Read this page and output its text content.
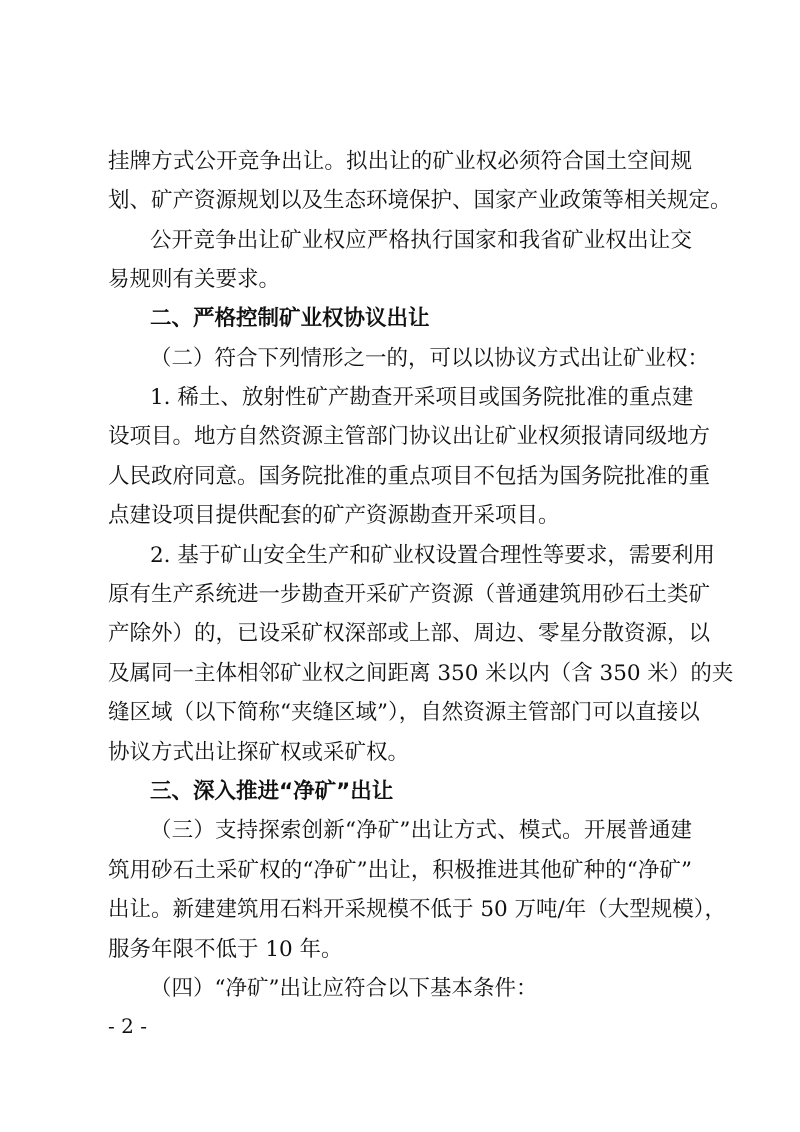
挂牌方式公开竞争出让。拟出让的矿业权必须符合国土空间规
划、矿产资源规划以及生态环境保护、国家产业政策等相关规定。
公开竞争出让矿业权应严格执行国家和我省矿业权出让交
易规则有关要求。
二、严格控制矿业权协议出让
（二）符合下列情形之一的，可以以协议方式出让矿业权：
1. 稀土、放射性矿产勘查开采项目或国务院批准的重点建
设项目。地方自然资源主管部门协议出让矿业权须报请同级地方
人民政府同意。国务院批准的重点项目不包括为国务院批准的重
点建设项目提供配套的矿产资源勘查开采项目。
2. 基于矿山安全生产和矿业权设置合理性等要求，需要利用
原有生产系统进一步勘查开采矿产资源（普通建筑用砂石土类矿
产除外）的，已设采矿权深部或上部、周边、零星分散资源，以
及属同一主体相邻矿业权之间距离 350 米以内（含 350 米）的夹
缝区域（以下简称“夹缝区域”），自然资源主管部门可以直接以
协议方式出让探矿权或采矿权。
三、深入推进“净矿”出让
（三）支持探索创新“净矿”出让方式、模式。开展普通建
筑用砂石土采矿权的“净矿”出让，积极推进其他矿种的“净矿”
出让。新建建筑用石料开采规模不低于 50 万吨/年（大型规模），
服务年限不低于 10 年。
（四）“净矿”出让应符合以下基本条件：
- 2 -
